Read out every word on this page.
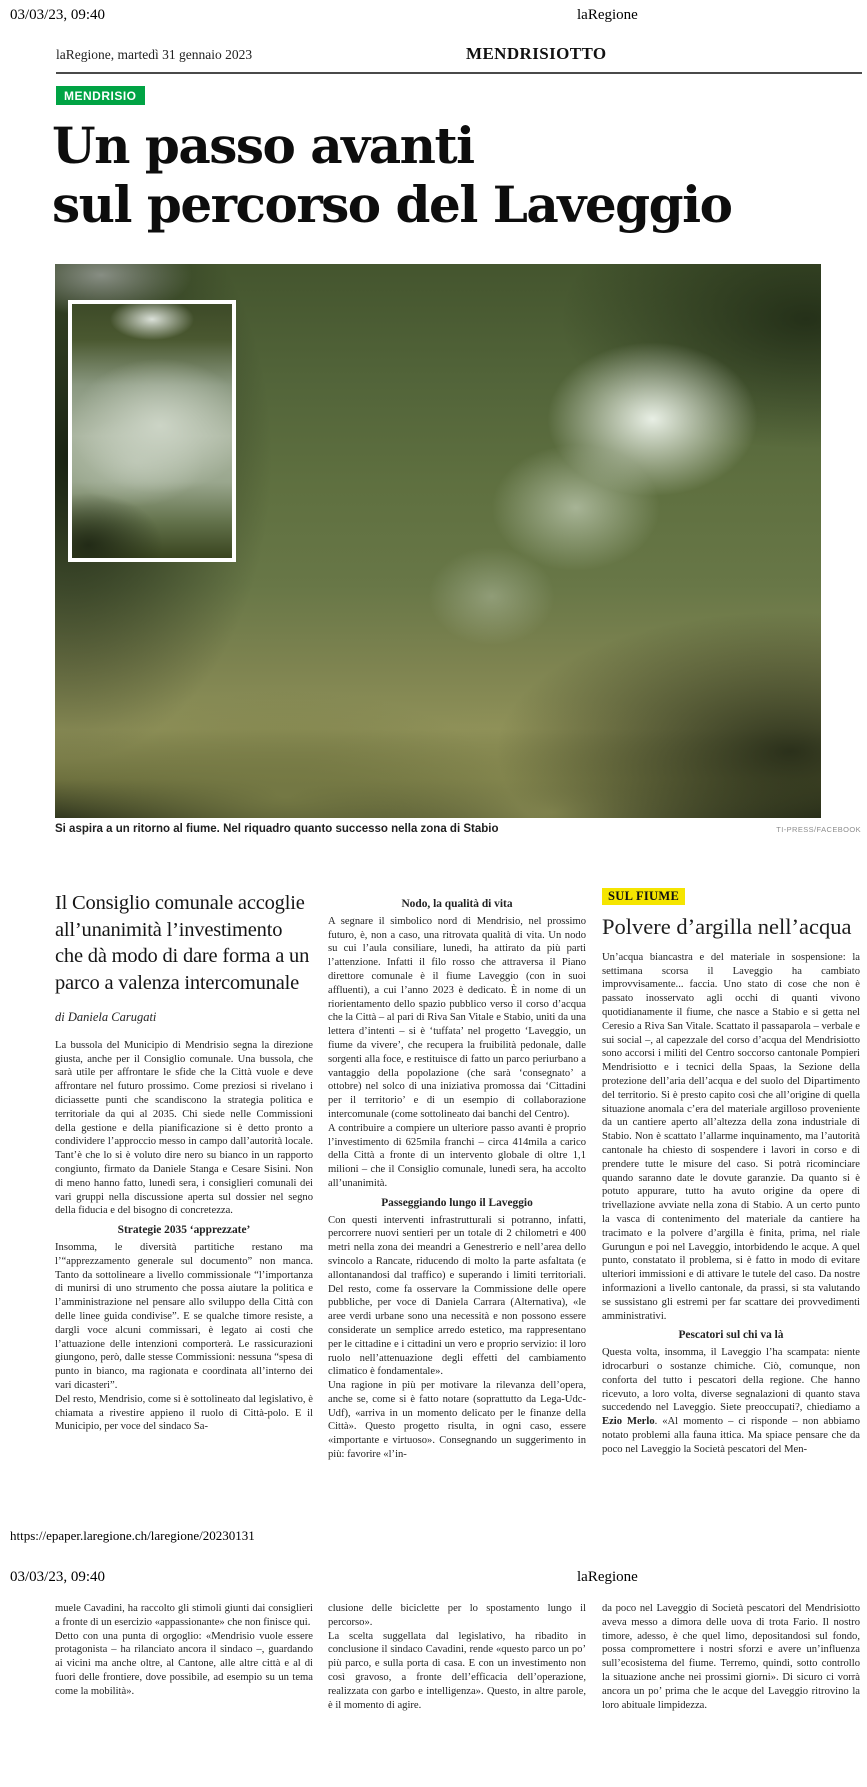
03/03/23, 09:40	laRegione
laRegione, martedì 31 gennaio 2023	MENDRISIOTTO
MENDRISIO
Un passo avanti
sul percorso del Laveggio
Si aspira a un ritorno al fiume. Nel riquadro quanto successo nella zona di Stabio	TI-PRESS/FACEBOOK
Il Consiglio comunale accoglie all’unanimità l’investimento che dà modo di dare forma a un parco a valenza intercomunale
di Daniela Carugati

La bussola del Municipio di Mendrisio segna la direzione giusta, anche per il Consiglio comunale. Una bussola, che sarà utile per affrontare le sfide che la Città vuole e deve affrontare nel futuro prossimo. Come preziosi si rivelano i diciassette punti che scandiscono la strategia politica e territoriale da qui al 2035. Chi siede nelle Commissioni della gestione e della pianificazione si è detto pronto a condividere l’approccio messo in campo dall’autorità locale. Tant’è che lo si è voluto dire nero su bianco in un rapporto congiunto, firmato da Daniele Stanga e Cesare Sisini. Non di meno hanno fatto, lunedì sera, i consiglieri comunali dei vari gruppi nella discussione aperta sul dossier nel segno della fiducia e del bisogno di concretezza.

Strategie 2035 ‘apprezzate’

Insomma, le diversità partitiche restano ma l’“apprezzamento generale sul documento” non manca. Tanto da sottolineare a livello commissionale “l’importanza di munirsi di uno strumento che possa aiutare la politica e l’amministrazione nel pensare allo sviluppo della Città con delle linee guida condivise”. E se qualche timore resiste, a dargli voce alcuni commissari, è legato ai costi che l’attuazione delle intenzioni comporterà. Le rassicurazioni giungono, però, dalle stesse Commissioni: nessuna “spesa di punto in bianco, ma ragionata e coordinata all’interno dei vari dicasteri”.

Del resto, Mendrisio, come si è sottolineato dal legislativo, è chiamata a rivestire appieno il ruolo di Città-polo. E il Municipio, per voce del sindaco Sa-

Nodo, la qualità di vita

A segnare il simbolico nord di Mendrisio, nel prossimo futuro, è, non a caso, una ritrovata qualità di vita. Un nodo su cui l’aula consiliare, lunedì, ha attirato da più parti l’attenzione. Infatti il filo rosso che attraversa il Piano direttore comunale è il fiume Laveggio (con in suoi affluenti), a cui l’anno 2023 è dedicato. È in nome di un riorientamento dello spazio pubblico verso il corso d’acqua che la Città – al pari di Riva San Vitale e Stabio, uniti da una lettera d’intenti – si è ‘tuffata’ nel progetto ‘Laveggio, un fiume da vivere’, che recupera la fruibilità pedonale, dalle sorgenti alla foce, e restituisce di fatto un parco periurbano a vantaggio della popolazione (che sarà ‘consegnato’ a ottobre) nel solco di una iniziativa promossa dai ‘Cittadini per il territorio’ e di un esempio di collaborazione intercomunale (come sottolineato dai banchi del Centro).

A contribuire a compiere un ulteriore passo avanti è proprio l’investimento di 625mila franchi – circa 414mila a carico della Città a fronte di un intervento globale di oltre 1,1 milioni – che il Consiglio comunale, lunedì sera, ha accolto all’unanimità.

Passeggiando lungo il Laveggio

Con questi interventi infrastrutturali si potranno, infatti, percorrere nuovi sentieri per un totale di 2 chilometri e 400 metri nella zona dei meandri a Genestrerio e nell’area dello svincolo a Rancate, riducendo di molto la parte asfaltata (e allontanandosi dal traffico) e superando i limiti territoriali. Del resto, come fa osservare la Commissione delle opere pubbliche, per voce di Daniela Carrara (Alternativa), «le aree verdi urbane sono una necessità e non possono essere considerate un semplice arredo estetico, ma rappresentano per le cittadine e i cittadini un vero e proprio servizio: il loro ruolo nell’attenuazione degli effetti del cambiamento climatico è fondamentale».

Una ragione in più per motivare la rilevanza dell’opera, anche se, come si è fatto notare (soprattutto da Lega-Udc-Udf), «arriva in un momento delicato per le finanze della Città». Questo progetto risulta, in ogni caso, essere «importante e virtuoso». Consegnando un suggerimento in più: favorire «l’in-

SUL FIUME
Polvere d’argilla nell’acqua

Un’acqua biancastra e del materiale in sospensione: la settimana scorsa il Laveggio ha cambiato improvvisamente... faccia. Uno stato di cose che non è passato inosservato agli occhi di quanti vivono quotidianamente il fiume, che nasce a Stabio e si getta nel Ceresio a Riva San Vitale. Scattato il passaparola – verbale e sui social –, al capezzale del corso d’acqua del Mendrisiotto sono accorsi i militi del Centro soccorso cantonale Pompieri Mendrisiotto e i tecnici della Spaas, la Sezione della protezione dell’aria dell’acqua e del suolo del Dipartimento del territorio. Si è presto capito così che all’origine di quella situazione anomala c’era del materiale argilloso proveniente da un cantiere aperto all’altezza della zona industriale di Stabio. Non è scattato l’allarme inquinamento, ma l’autorità cantonale ha chiesto di sospendere i lavori in corso e di prendere tutte le misure del caso. Si potrà ricominciare quando saranno date le dovute garanzie. Da quanto si è potuto appurare, tutto ha avuto origine da opere di trivellazione avviate nella zona di Stabio. A un certo punto la vasca di contenimento del materiale da cantiere ha tracimato e la polvere d’argilla è finita, prima, nel riale Gurungun e poi nel Laveggio, intorbidendo le acque. A quel punto, constatato il problema, si è fatto in modo di evitare ulteriori immissioni e di attivare le tutele del caso. Da nostre informazioni a livello cantonale, da prassi, si sta valutando se sussistano gli estremi per far scattare dei provvedimenti amministrativi.

Pescatori sul chi va là

Questa volta, insomma, il Laveggio l’ha scampata: niente idrocarburi o sostanze chimiche. Ciò, comunque, non conforta del tutto i pescatori della regione. Che hanno ricevuto, a loro volta, diverse segnalazioni di quanto stava succedendo nel Laveggio. Siete preoccupati?, chiediamo a Ezio Merlo. «Al momento – ci risponde – non abbiamo notato problemi alla fauna ittica. Ma spiace pensare che da poco nel Laveggio la Società pescatori del Men-

https://epaper.laregione.ch/laregione/20230131
03/03/23, 09:40	laRegione

muele Cavadini, ha raccolto gli stimoli giunti dai consiglieri a fronte di un esercizio «appassionante» che non finisce qui.

Detto con una punta di orgoglio: «Mendrisio vuole essere protagonista – ha rilanciato ancora il sindaco –, guardando ai vicini ma anche oltre, al Cantone, alle altre città e al di fuori delle frontiere, dove possibile, ad esempio su un tema come la mobilità».

clusione delle biciclette per lo spostamento lungo il percorso».

La scelta suggellata dal legislativo, ha ribadito in conclusione il sindaco Cavadini, rende «questo parco un po’ più parco, e sulla porta di casa. E con un investimento non così gravoso, a fronte dell’efficacia dell’operazione, realizzata con garbo e intelligenza». Questo, in altre parole, è il momento di agire.

da poco nel Laveggio di Società pescatori del Mendrisiotto aveva messo a dimora delle uova di trota Fario. Il nostro timore, adesso, è che quel limo, depositandosi sul fondo, possa compromettere i nostri sforzi e avere un’influenza sull’ecosistema del fiume. Terremo, quindi, sotto controllo la situazione anche nei prossimi giorni». Di sicuro ci vorrà ancora un po’ prima che le acque del Laveggio ritrovino la loro abituale limpidezza.
